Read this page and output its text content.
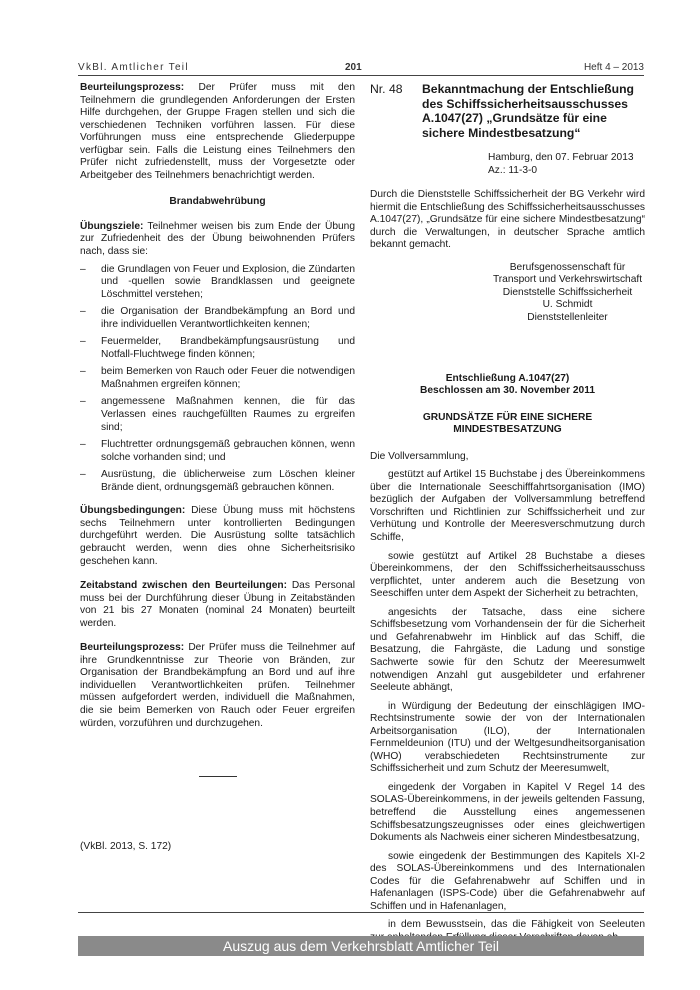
VkBl. Amtlicher Teil	201	Heft 4 – 2013

Beurteilungsprozess: Der Prüfer muss mit den Teilnehmern die grundlegenden Anforderungen der Ersten Hilfe durchgehen, der Gruppe Fragen stellen und sich die verschiedenen Techniken vorführen lassen. Für diese Vorführungen muss eine entsprechende Gliederpuppe verfügbar sein. Falls die Leistung eines Teilnehmers den Prüfer nicht zufriedenstellt, muss der Vorgesetzte oder Arbeitgeber des Teilnehmers benachrichtigt werden.

Brandabwehrübung

Übungsziele: Teilnehmer weisen bis zum Ende der Übung zur Zufriedenheit des der Übung beiwohnenden Prüfers nach, dass sie:

– die Grundlagen von Feuer und Explosion, die Zündarten und -quellen sowie Brandklassen und geeignete Löschmittel verstehen;
– die Organisation der Brandbekämpfung an Bord und ihre individuellen Verantwortlichkeiten kennen;
– Feuermelder, Brandbekämpfungsausrüstung und Notfall-Fluchtwege finden können;
– beim Bemerken von Rauch oder Feuer die notwendigen Maßnahmen ergreifen können;
– angemessene Maßnahmen kennen, die für das Verlassen eines rauchgefüllten Raumes zu ergreifen sind;
– Fluchtretter ordnungsgemäß gebrauchen können, wenn solche vorhanden sind; und
– Ausrüstung, die üblicherweise zum Löschen kleiner Brände dient, ordnungsgemäß gebrauchen können.

Übungsbedingungen: Diese Übung muss mit höchstens sechs Teilnehmern unter kontrollierten Bedingungen durchgeführt werden. Die Ausrüstung sollte tatsächlich gebraucht werden, wenn dies ohne Sicherheitsrisiko geschehen kann.

Zeitabstand zwischen den Beurteilungen: Das Personal muss bei der Durchführung dieser Übung in Zeitabständen von 21 bis 27 Monaten (nominal 24 Monaten) beurteilt werden.

Beurteilungsprozess: Der Prüfer muss die Teilnehmer auf ihre Grundkenntnisse zur Theorie von Bränden, zur Organisation der Brandbekämpfung an Bord und auf ihre individuellen Verantwortlichkeiten prüfen. Teilnehmer müssen aufgefordert werden, individuell die Maßnahmen, die sie beim Bemerken von Rauch oder Feuer ergreifen würden, vorzuführen und durchzugehen.

(VkBl. 2013, S. 172)

Nr. 48 Bekanntmachung der Entschließung des Schiffssicherheitsausschusses A.1047(27) „Grundsätze für eine sichere Mindestbesatzung“

Hamburg, den 07. Februar 2013

Az.: 11-3-0

Durch die Dienststelle Schiffssicherheit der BG Verkehr wird hiermit die Entschließung des Schiffssicherheitsausschusses A.1047(27), „Grundsätze für eine sichere Mindestbesatzung“ durch die Verwaltungen, in deutscher Sprache amtlich bekannt gemacht.

Berufsgenossenschaft für

Transport und Verkehrswirtschaft

Dienststelle Schiffssicherheit

U. Schmidt

Dienststellenleiter

Entschließung A.1047(27)

Beschlossen am 30. November 2011

GRUNDSÄTZE FÜR EINE SICHERE

MINDESTBESATZUNG

Die Vollversammlung,

gestützt auf Artikel 15 Buchstabe j des Übereinkommens über die Internationale Seeschifffahrtsorganisation (IMO) bezüglich der Aufgaben der Vollversammlung betreffend Vorschriften und Richtlinien zur Schiffssicherheit und zur Verhütung und Kontrolle der Meeresverschmutzung durch Schiffe,

sowie gestützt auf Artikel 28 Buchstabe a dieses Übereinkommens, der den Schiffssicherheitsausschuss verpflichtet, unter anderem auch die Besetzung von Seeschiffen unter dem Aspekt der Sicherheit zu betrachten,

angesichts der Tatsache, dass eine sichere Schiffsbesetzung vom Vorhandensein der für die Sicherheit und Gefahrenabwehr im Hinblick auf das Schiff, die Besatzung, die Fahrgäste, die Ladung und sonstige Sachwerte sowie für den Schutz der Meeresumwelt notwendigen Anzahl gut ausgebildeter und erfahrener Seeleute abhängt,

in Würdigung der Bedeutung der einschlägigen IMO-Rechtsinstrumente sowie der von der Internationalen Arbeitsorganisation (ILO), der Internationalen Fernmeldeunion (ITU) und der Weltgesundheitsorganisation (WHO) verabschiedeten Rechtsinstrumente zur Schiffssicherheit und zum Schutz der Meeresumwelt,

eingedenk der Vorgaben in Kapitel V Regel 14 des SOLAS-Übereinkommens, in der jeweils geltenden Fassung, betreffend die Ausstellung eines angemessenen Schiffsbesatzungszeugnisses oder eines gleichwertigen Dokuments als Nachweis einer sicheren Mindestbesatzung,

sowie eingedenk der Bestimmungen des Kapitels XI-2 des SOLAS-Übereinkommens und des Internationalen Codes für die Gefahrenabwehr auf Schiffen und in Hafenanlagen (ISPS-Code) über die Gefahrenabwehr auf Schiffen und in Hafenanlagen,

in dem Bewusstsein, das die Fähigkeit von Seeleuten

Auszug aus dem Verkehrsblatt Amtlicher Teil
